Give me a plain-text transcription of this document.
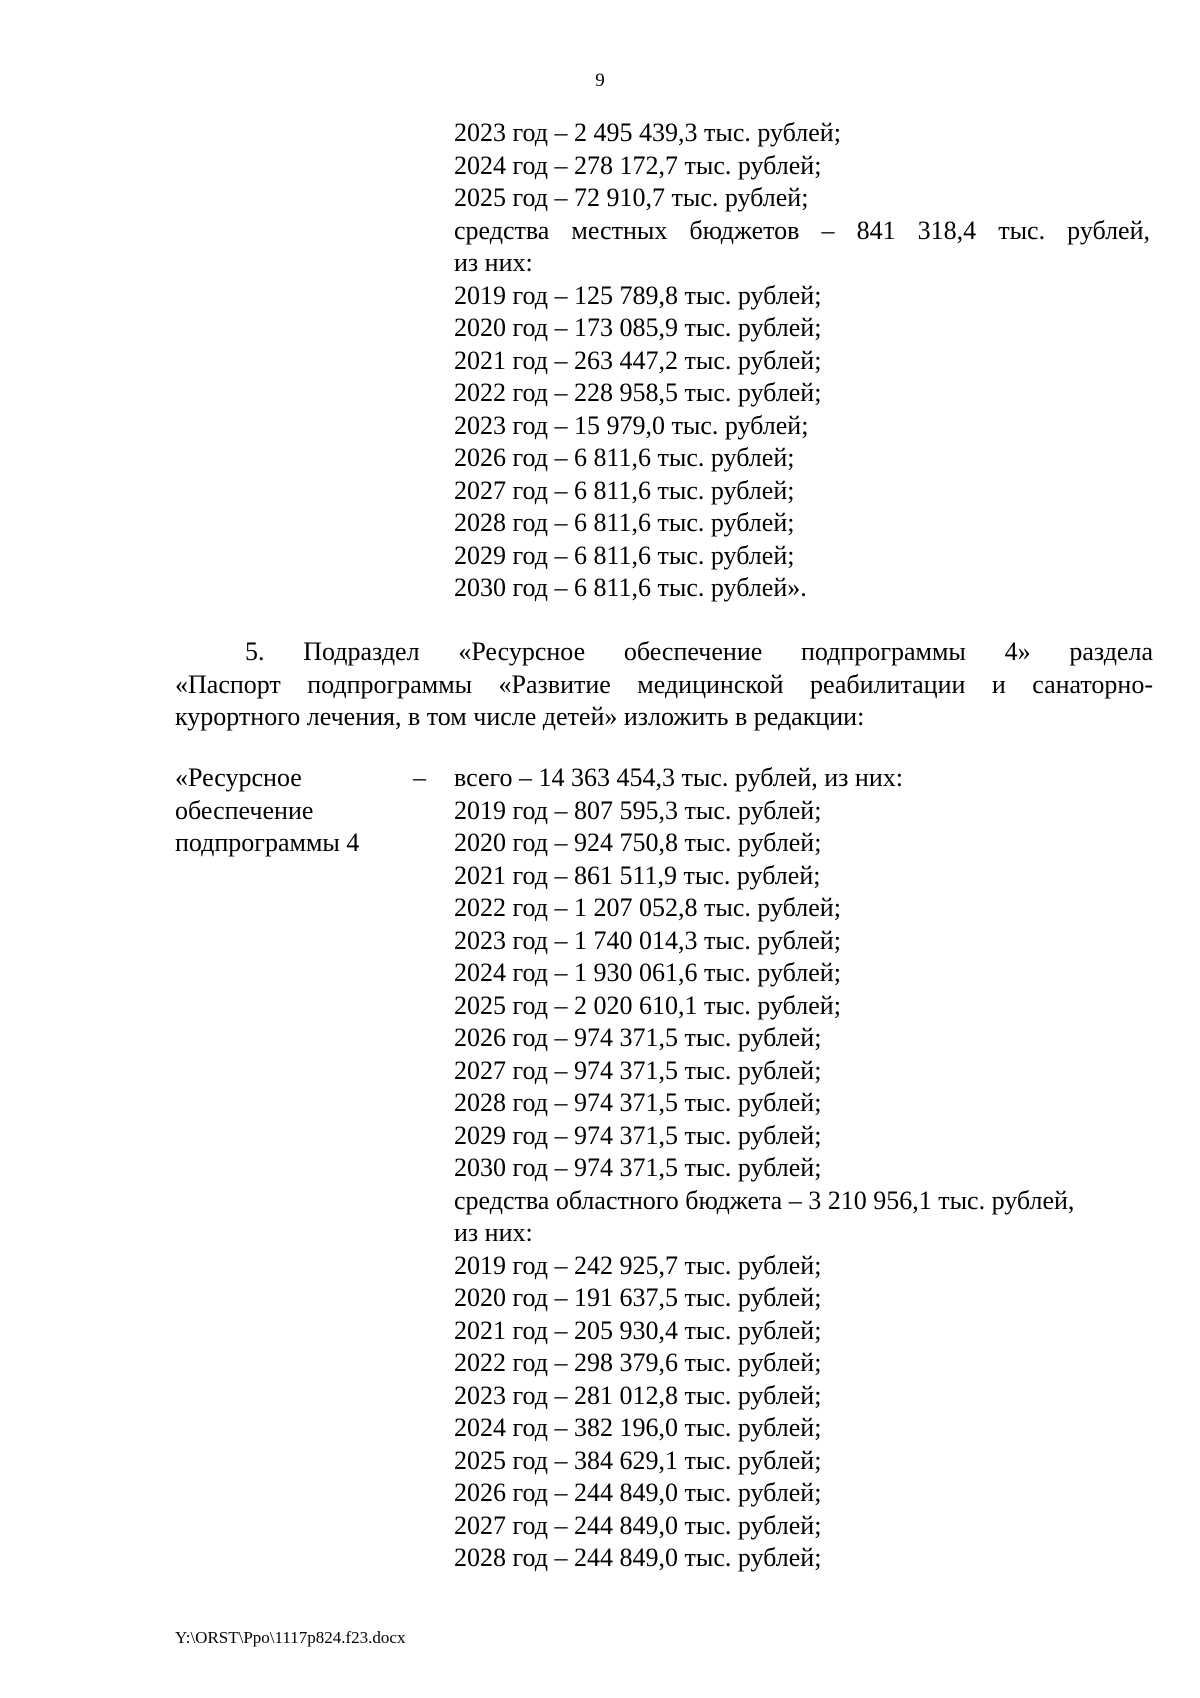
9
2023 год – 2 495 439,3 тыс. рублей;
2024 год – 278 172,7 тыс. рублей;
2025 год – 72 910,7 тыс. рублей;
средства местных бюджетов – 841 318,4 тыс. рублей,
из них:
2019 год – 125 789,8 тыс. рублей;
2020 год – 173 085,9 тыс. рублей;
2021 год – 263 447,2 тыс. рублей;
2022 год – 228 958,5 тыс. рублей;
2023 год – 15 979,0 тыс. рублей;
2026 год – 6 811,6 тыс. рублей;
2027 год – 6 811,6 тыс. рублей;
2028 год – 6 811,6 тыс. рублей;
2029 год – 6 811,6 тыс. рублей;
2030 год – 6 811,6 тыс. рублей».
5. Подраздел «Ресурсное обеспечение подпрограммы 4» раздела
«Паспорт подпрограммы «Развитие медицинской реабилитации и санаторно-
курортного лечения, в том числе детей» изложить в редакции:
«Ресурсное
обеспечение
подпрограммы 4
– всего – 14 363 454,3 тыс. рублей, из них:
2019 год – 807 595,3 тыс. рублей;
2020 год – 924 750,8 тыс. рублей;
2021 год – 861 511,9 тыс. рублей;
2022 год – 1 207 052,8 тыс. рублей;
2023 год – 1 740 014,3 тыс. рублей;
2024 год – 1 930 061,6 тыс. рублей;
2025 год – 2 020 610,1 тыс. рублей;
2026 год – 974 371,5 тыс. рублей;
2027 год – 974 371,5 тыс. рублей;
2028 год – 974 371,5 тыс. рублей;
2029 год – 974 371,5 тыс. рублей;
2030 год – 974 371,5 тыс. рублей;
средства областного бюджета – 3 210 956,1 тыс. рублей,
из них:
2019 год – 242 925,7 тыс. рублей;
2020 год – 191 637,5 тыс. рублей;
2021 год – 205 930,4 тыс. рублей;
2022 год – 298 379,6 тыс. рублей;
2023 год – 281 012,8 тыс. рублей;
2024 год – 382 196,0 тыс. рублей;
2025 год – 384 629,1 тыс. рублей;
2026 год – 244 849,0 тыс. рублей;
2027 год – 244 849,0 тыс. рублей;
2028 год – 244 849,0 тыс. рублей;
Y:\ORST\Ppo\1117p824.f23.docx
